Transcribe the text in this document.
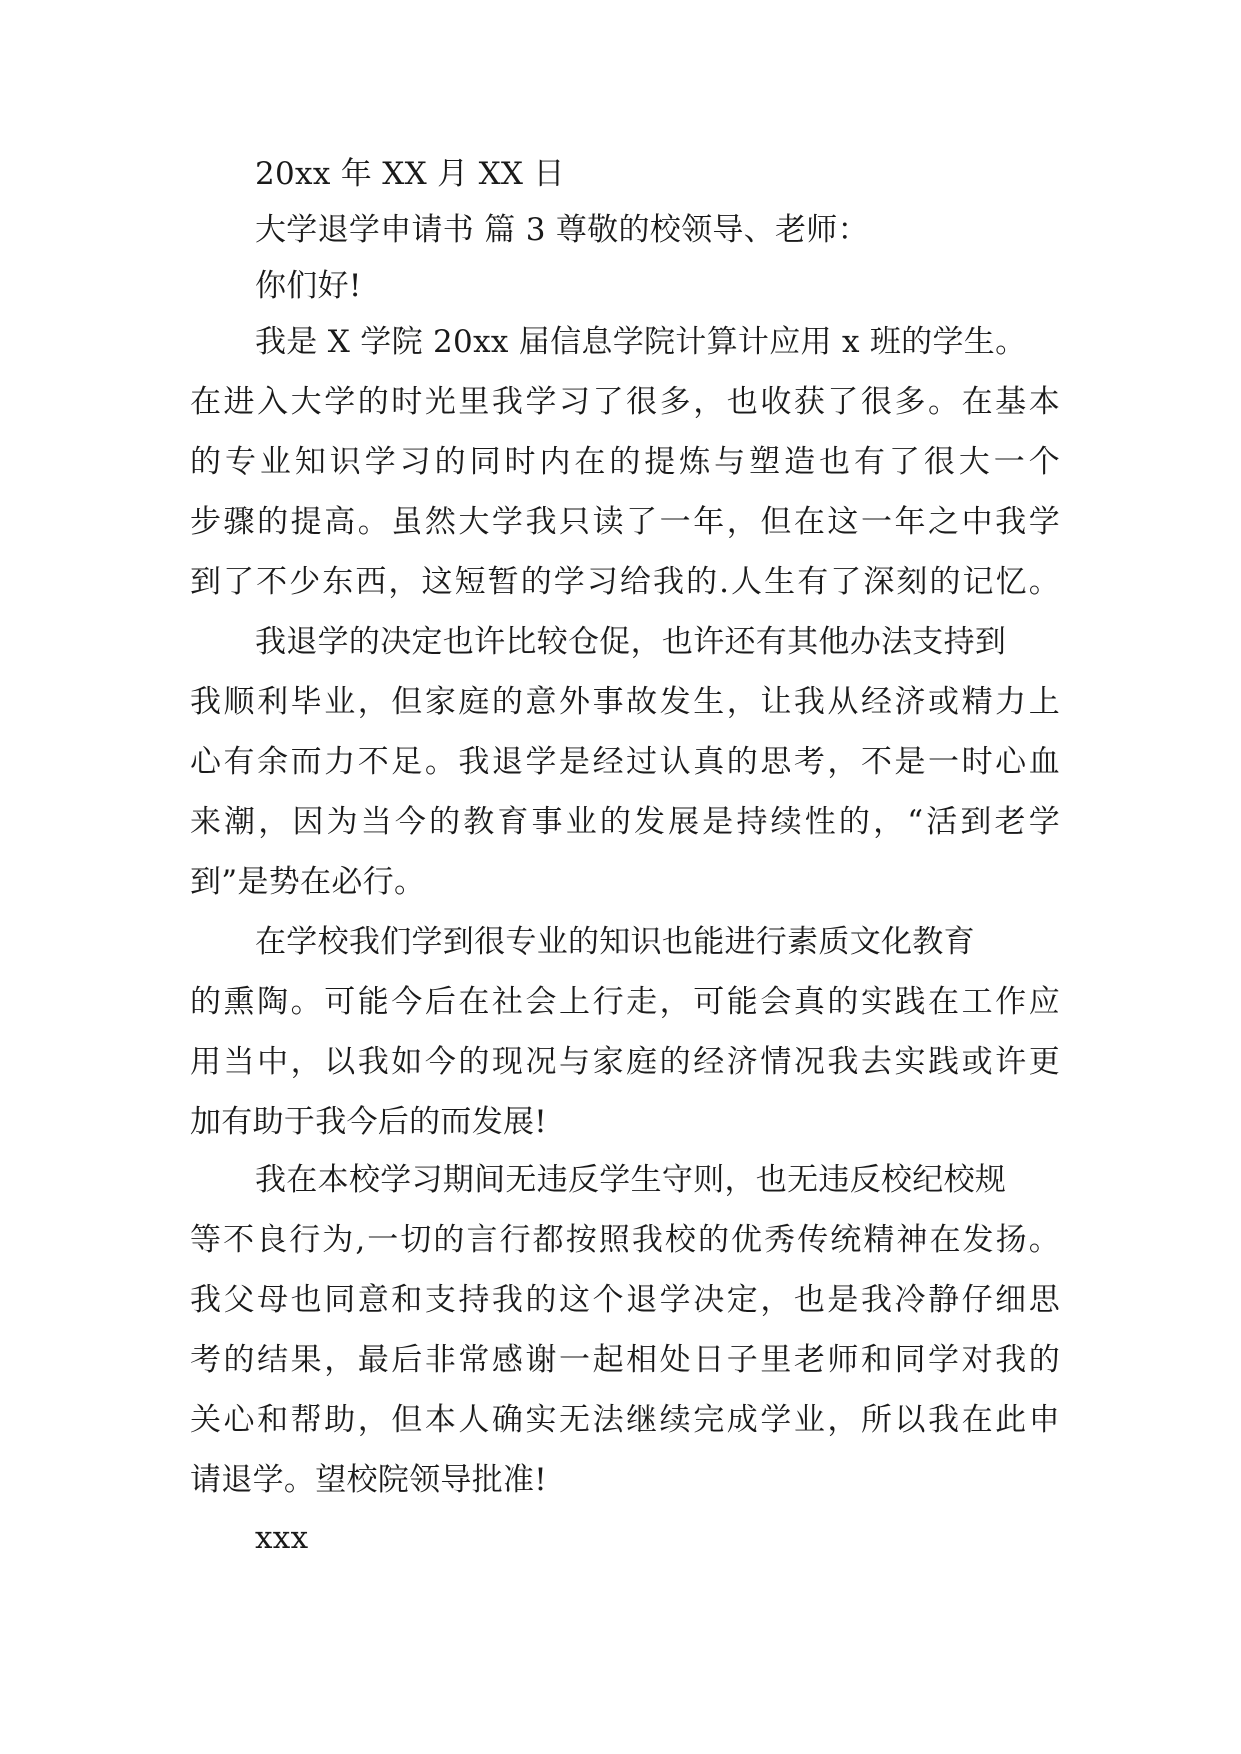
20xx 年 XX 月 XX 日
大学退学申请书 篇 3 尊敬的校领导、老师：
你们好!
我是 X 学院 20xx 届信息学院计算计应用 x 班的学生。
在进入大学的时光里我学习了很多，也收获了很多。在基本
的专业知识学习的同时内在的提炼与塑造也有了很大一个
步骤的提高。虽然大学我只读了一年，但在这一年之中我学
到了不少东西，这短暂的学习给我的.人生有了深刻的记忆。
我退学的决定也许比较仓促，也许还有其他办法支持到
我顺利毕业，但家庭的意外事故发生，让我从经济或精力上
心有余而力不足。我退学是经过认真的思考，不是一时心血
来潮，因为当今的教育事业的发展是持续性的，“活到老学
到”是势在必行。
在学校我们学到很专业的知识也能进行素质文化教育
的熏陶。可能今后在社会上行走，可能会真的实践在工作应
用当中，以我如今的现况与家庭的经济情况我去实践或许更
加有助于我今后的而发展!
我在本校学习期间无违反学生守则，也无违反校纪校规
等不良行为,一切的言行都按照我校的优秀传统精神在发扬。
我父母也同意和支持我的这个退学决定，也是我冷静仔细思
考的结果，最后非常感谢一起相处日子里老师和同学对我的
关心和帮助，但本人确实无法继续完成学业，所以我在此申
请退学。望校院领导批准!
xxx
